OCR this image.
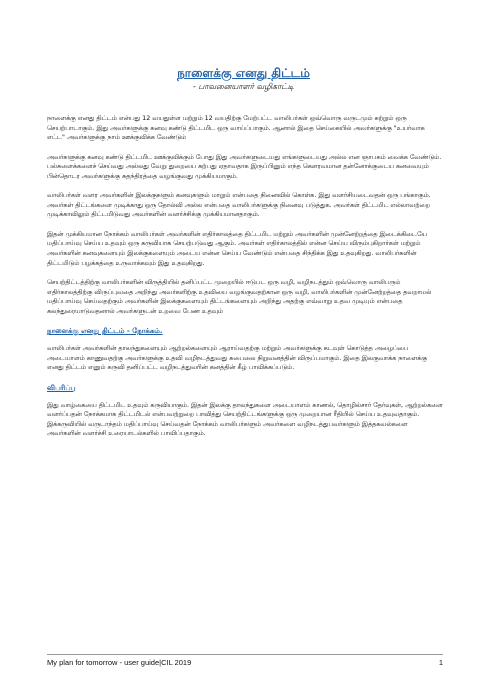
நாளைக்கு எனது திட்டம்
- பாவனையாளர் வழிகாட்டி

நாளைக்கு எனது திட்டம் என்பது 12 வயதுள்ள மற்றும் 12 வயதிற்கு மேற்பட்ட வாலிபர்கள் ஒவ்வொரு வருடமும் சுற்றும் ஒரு செயற்பாடாகும். இது அவர்களுக்கு கனவு கண்டு திட்டமிட ஒரு வாய்ப்பாகும். ஆனால் இதை செய்கையில் அவர்களுக்கு "உயர்வாக எட்ட" அவர்களுக்கு நாம் ஊக்குவிக்க வேண்டும்

அவர்களுக்கு கனவு கண்டு திட்டமிட ஊக்குவிக்கும் போது இது அவர்களுடையது எங்களுடையது அல்ல என ஞாபகம் வைக்க வேண்டும். பல்சுளைக்களைச் செய்வது அல்லது வேறு துறையை கற்பது ஏதாவதாக இருப்பினும் எந்த கௌரவமான தன்னோக்குடைய கனவையும் பின்தொடர அவர்களுக்கு சுதந்திரத்தை வழங்குவது முக்கியமாகும்.

வாலிபர்கள் வளர அவர்களின் இலக்குகளும் கனவுகளும் மாறும் என்பதை நினைவில் கொள்க. இது வளர்சியடைவதன் ஒரு பங்காகும். அவர்கள் திட்டங்களை முடிக்காது ஒரு தோல்வி அல்ல என்பதை வாலிபர்களுக்கு நினைவு படுத்துக. அவர்கள் திட்டமிட எல்லாவற்றை முடிக்காவிலும் திட்டமிடுவது அவர்களின் வளர்ச்சிக்கு முக்கியமானதாகும்.

இதன் முக்கியமான நோக்கம் வாலிபர்கள் அவர்களின் எதிர்காலத்தை திட்டமிட மற்றும் அவர்களின் முன்னேற்றத்தை இடைக்கிடையே மதிப்பாய்வு செய்ய உதவும் ஒரு கருவியாக செயற்படுவது ஆகும். அவர்கள் எதிர்காலத்தில் என்ன செய்ய விரும்புகிறார்கள் மற்றும் அவர்களின் கனவுகளையும் இலக்குகளையும் அடைய என்ன செய்ய வேண்டும் என்பதை சிந்திக்க இது உதவுகிறது. வாலிபர்களின் திட்டமிடும் பழக்கத்தை உருவாக்கவும் இது உதவுகிறது.

செயற்திட்டத்திற்கு வாலிபர்களின் விருத்தியில் தனிப்பட்ட முறையில் ஈடுபட ஒரு வழி, வழிநடத்தும் ஒவ்வொரு வாலிபரும் எதிர்காலத்திற்கு விருப்புவதை அறிந்து அவர்களிற்கு உதவியை வழங்குவதற்கான ஒரு வழி, வாலிபர்களின் முன்னேற்றத்தை தவறாமல் மதிப்பாய்வு செய்வதற்கும் அவர்களின் இலக்குகளையும் திட்டங்களையும் அறிந்து அதற்கு எவ்வாறு உதவ முடியும் என்பதை கலந்துரையாடுவதனால் அவர்களுடன் உறவை பேண உதவும்

நாளைக்கு எனது திட்டம் - நோக்கம்.

வாலிபர்கள் அவர்களின் தாலந்துகளையும் ஆற்றல்களையும் ஆராய்வதற்கு மற்றும் அவர்களுக்கு கடவுள் கொடுத்த அழைப்பை அடையாளம் காணுவதற்கு அவர்களுக்கு உதவி வழிநடத்துவது சுபைலை நிறுவனத்தின் விருப்பமாகும். இதை இலகுவாக்க நாளைக்கு எனது திட்டம் எனும் கருவி தனிப்பட்ட வழிநடத்துவரின் கனத்தின் கீழ் பாவிக்கப்படும்.

விபரிப்பு

இது வாழ்கையை திட்டமிட உதவும் கருவியாகும். இதன் இலக்கு தாலந்துகளை அடையாளம் காணல், தொழில்சார் தேர்வுகள், ஆற்றல்களை வளர்ப்பதன் நோக்கமாக திட்டமிடல் என்பவற்றுறை பாவித்து செயற்திட்டங்களுக்கு ஒரு முறையான ரீதியில் செய்ய உதவுவதாகும். இக்கருவியில் வருடாந்தம் மதிப்பாய்வு செய்வதன் நோக்கம் வாலிபர்களும் அவர்களை வழிநடத்துபவர்களும் இத்தகவல்களை அவர்களின் வளர்ச்சி உரையாடல்களில் பாவிப்பதாகும்.

My plan for tomorrow - user guide|CIL 2019	1
